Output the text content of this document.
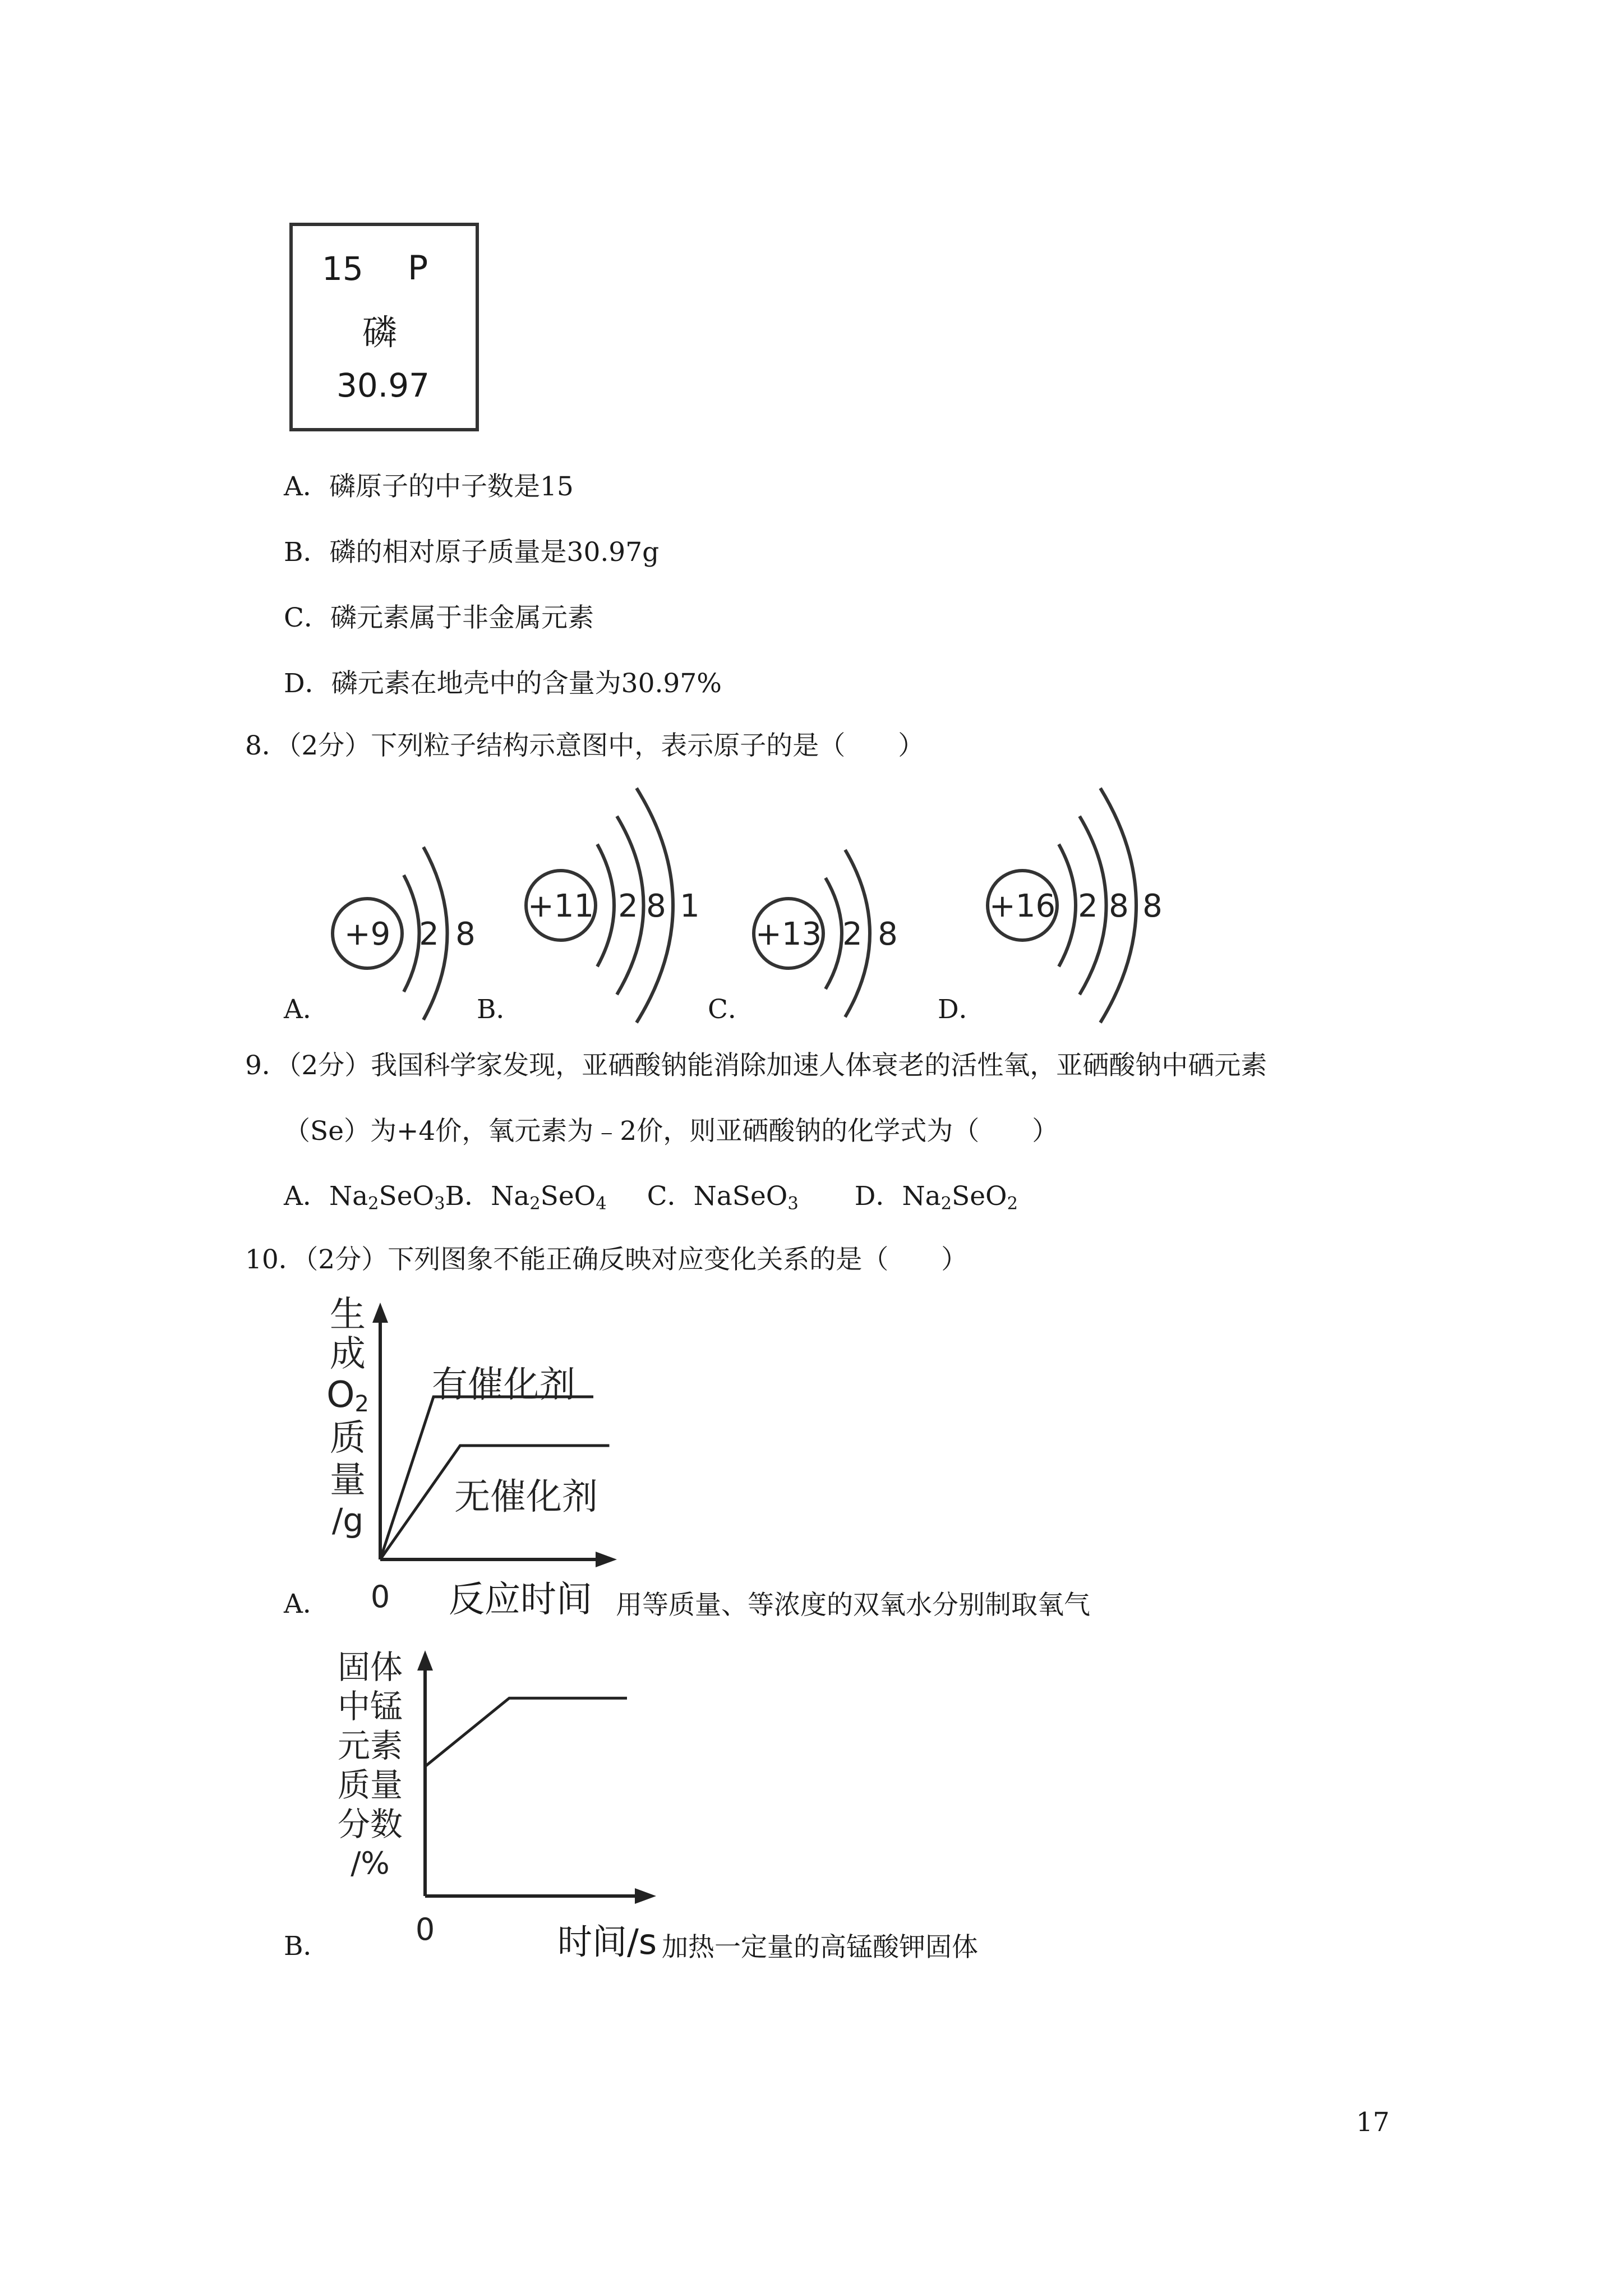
15 P
磷
30.97
A．磷原子的中子数是15
B．磷的相对原子质量是30.97g
C．磷元素属于非金属元素
D．磷元素在地壳中的含量为30.97%
8．（2分）下列粒子结构示意图中，表示原子的是（　　）
+9 2 8
+11 2 8 1
+13 2 8
+16 2 8 8
A．	B．	C．	D．
9．（2分）我国科学家发现，亚硒酸钠能消除加速人体衰老的活性氧，亚硒酸钠中硒元素
（Se）为+4价，氧元素为﹣2价，则亚硒酸钠的化学式为（　　）
A．$Na_2SeO_3B$．$Na_2SeO_4$ C．NaSeO$_3$ D．$Na_2SeO_2$
10．（2分）下列图象不能正确反映对应变化关系的是（　　）
生
成
O2
质
量
/g
有催化剂
无催化剂
0
A．	反应时间 用等质量、等浓度的双氧水分别制取氧气
固体
中锰
元素
质量
分数
/%
0
B．	时间/s 加热一定量的高锰酸钾固体
17
